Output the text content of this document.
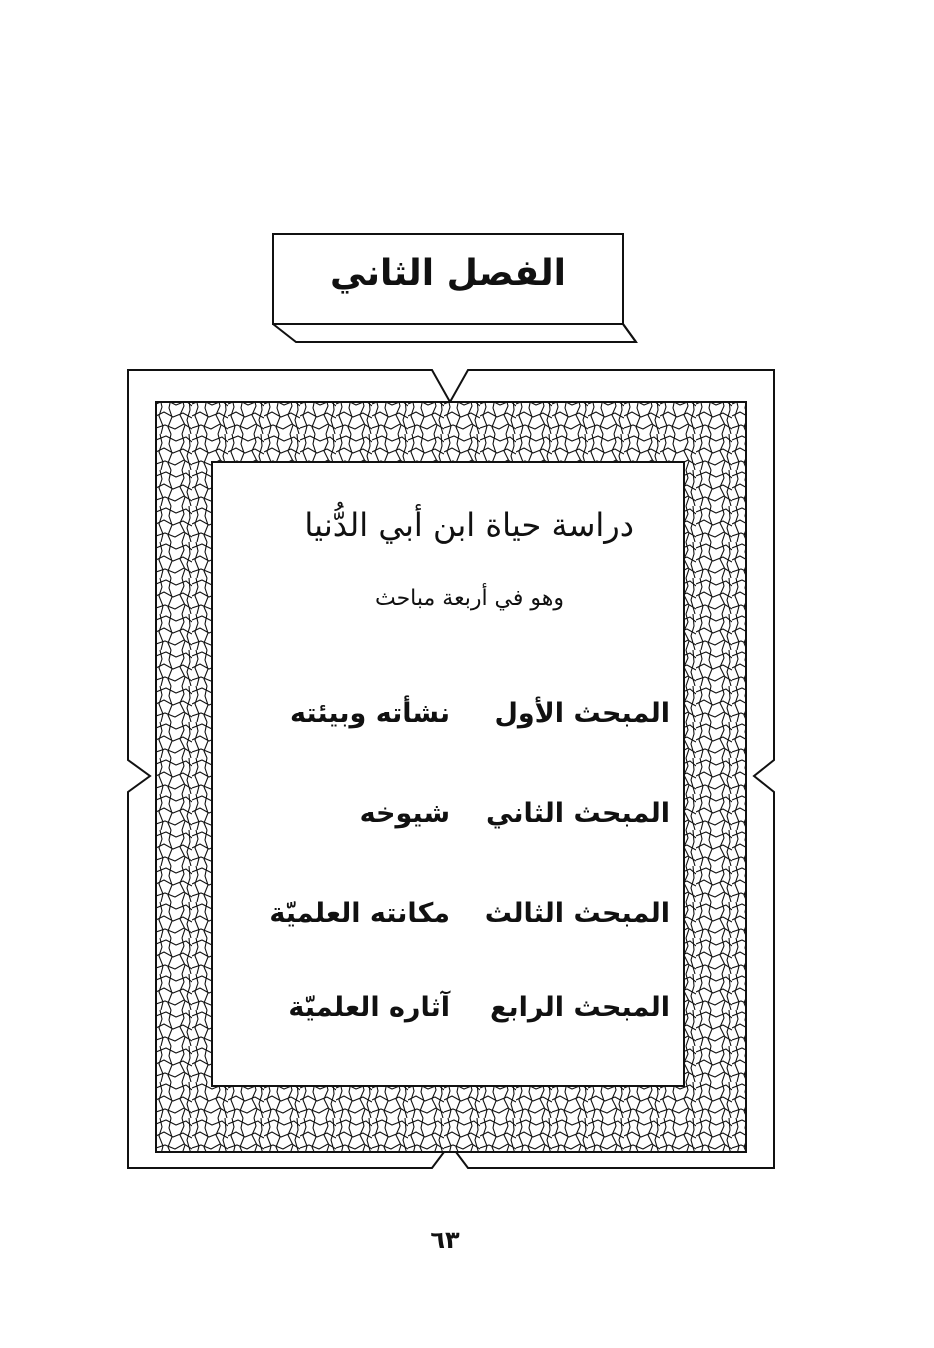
الفصل الثاني
دراسة حياة ابن أبي الدُّنيا
وهو في أربعة مباحث
المبحث الأول
نشأته وبيئته
المبحث الثاني
شيوخه
المبحث الثالث
مكانته العلميّة
المبحث الرابع
آثاره العلميّة
٦٣
